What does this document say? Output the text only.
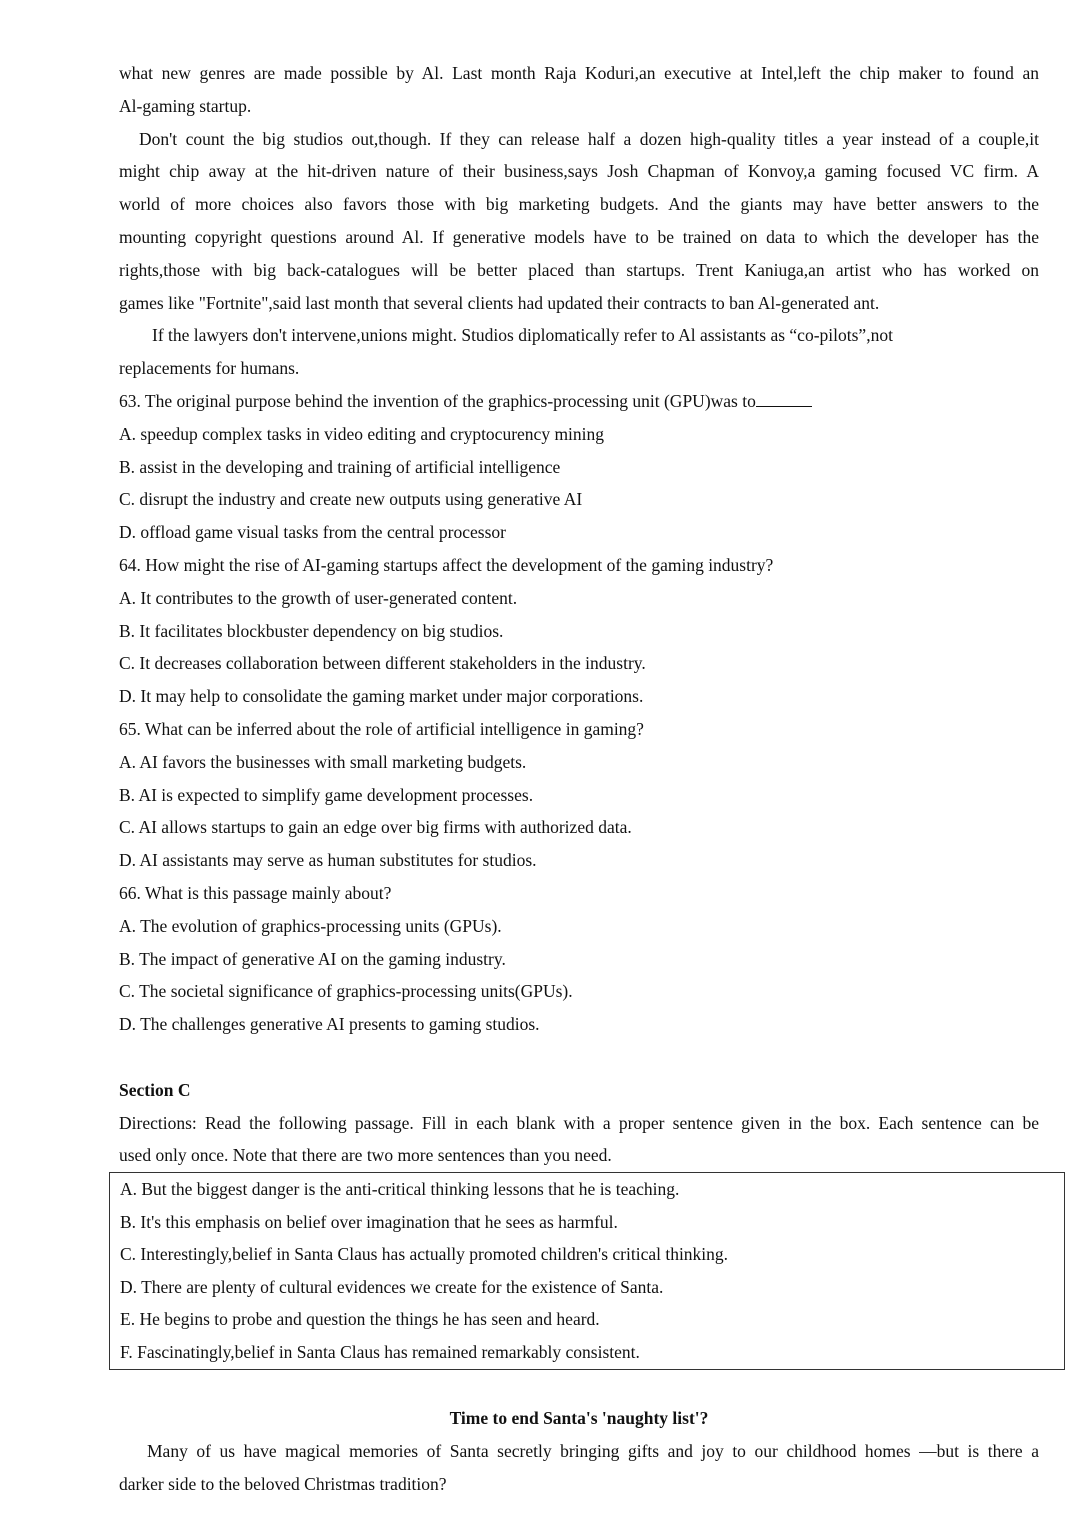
what new genres are made possible by Al. Last month Raja Koduri,an executive at Intel,left the chip maker to found an
Al-gaming startup.
Don't count the big studios out,though. If they can release half a dozen high-quality titles a year instead of a couple,it
might chip away at the hit-driven nature of their business,says Josh Chapman of Konvoy,a gaming focused VC firm. A
world of more choices also favors those with big marketing budgets. And the giants may have better answers to the
mounting copyright questions around Al. If generative models have to be trained on data to which the developer has the
rights,those with big back-catalogues will be better placed than startups. Trent Kaniuga,an artist who has worked on
games like "Fortnite",said last month that several clients had updated their contracts to ban Al-generated ant.
If the lawyers don't intervene,unions might. Studios diplomatically refer to Al assistants as “co-pilots”,not
replacements for humans.
63. The original purpose behind the invention of the graphics-processing unit (GPU)was to
A. speedup complex tasks in video editing and cryptocurency mining
B. assist in the developing and training of artificial intelligence
C. disrupt the industry and create new outputs using generative AI
D. offload game visual tasks from the central processor
64. How might the rise of AI-gaming startups affect the development of the gaming industry?
A. It contributes to the growth of user-generated content.
B. It facilitates blockbuster dependency on big studios.
C. It decreases collaboration between different stakeholders in the industry.
D. It may help to consolidate the gaming market under major corporations.
65. What can be inferred about the role of artificial intelligence in gaming?
A. AI favors the businesses with small marketing budgets.
B. AI is expected to simplify game development processes.
C. AI allows startups to gain an edge over big firms with authorized data.
D. AI assistants may serve as human substitutes for studios.
66. What is this passage mainly about?
A. The evolution of graphics-processing units (GPUs).
B. The impact of generative AI on the gaming industry.
C. The societal significance of graphics-processing units(GPUs).
D. The challenges generative AI presents to gaming studios.
Section C
Directions: Read the following passage. Fill in each blank with a proper sentence given in the box. Each sentence can be
used only once. Note that there are two more sentences than you need.
A. But the biggest danger is the anti-critical thinking lessons that he is teaching.
B. It's this emphasis on belief over imagination that he sees as harmful.
C. Interestingly,belief in Santa Claus has actually promoted children's critical thinking.
D. There are plenty of cultural evidences we create for the existence of Santa.
E. He begins to probe and question the things he has seen and heard.
F. Fascinatingly,belief in Santa Claus has remained remarkably consistent.
Time to end Santa's 'naughty list'?
Many of us have magical memories of Santa secretly bringing gifts and joy to our childhood homes —but is there a
darker side to the beloved Christmas tradition?
